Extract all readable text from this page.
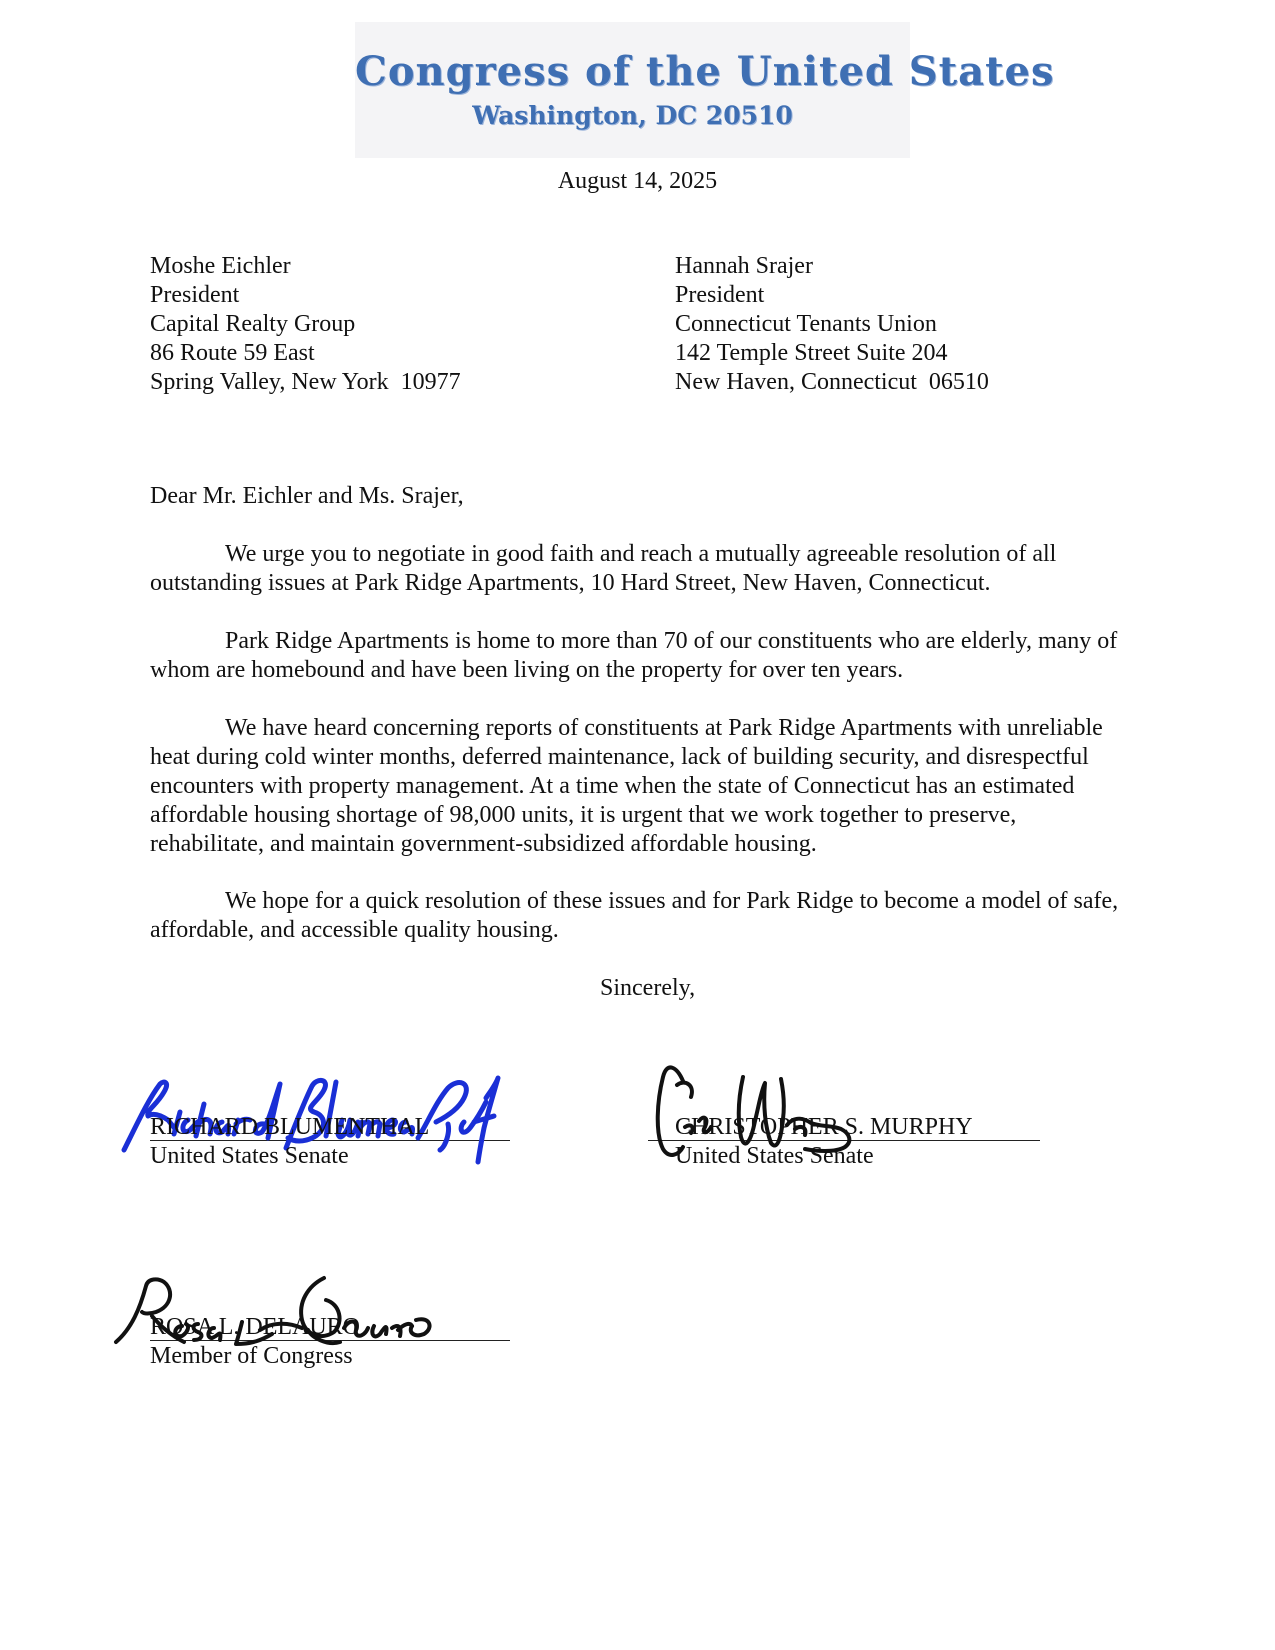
Congress of the United States
Washington, DC 20510
August 14, 2025
Moshe Eichler
President
Capital Realty Group
86 Route 59 East
Spring Valley, New York  10977
Hannah Srajer
President
Connecticut Tenants Union
142 Temple Street Suite 204
New Haven, Connecticut  06510
Dear Mr. Eichler and Ms. Srajer,

We urge you to negotiate in good faith and reach a mutually agreeable resolution of all outstanding issues at Park Ridge Apartments, 10 Hard Street, New Haven, Connecticut.

Park Ridge Apartments is home to more than 70 of our constituents who are elderly, many of whom are homebound and have been living on the property for over ten years.

We have heard concerning reports of constituents at Park Ridge Apartments with unreliable heat during cold winter months, deferred maintenance, lack of building security, and disrespectful encounters with property management. At a time when the state of Connecticut has an estimated affordable housing shortage of 98,000 units, it is urgent that we work together to preserve, rehabilitate, and maintain government-subsidized affordable housing.

We hope for a quick resolution of these issues and for Park Ridge to become a model of safe, affordable, and accessible quality housing.

Sincerely,
RICHARD BLUMENTHAL
United States Senate
CHRISTOPHER S. MURPHY
United States Senate
ROSA L. DELAURO
Member of Congress
